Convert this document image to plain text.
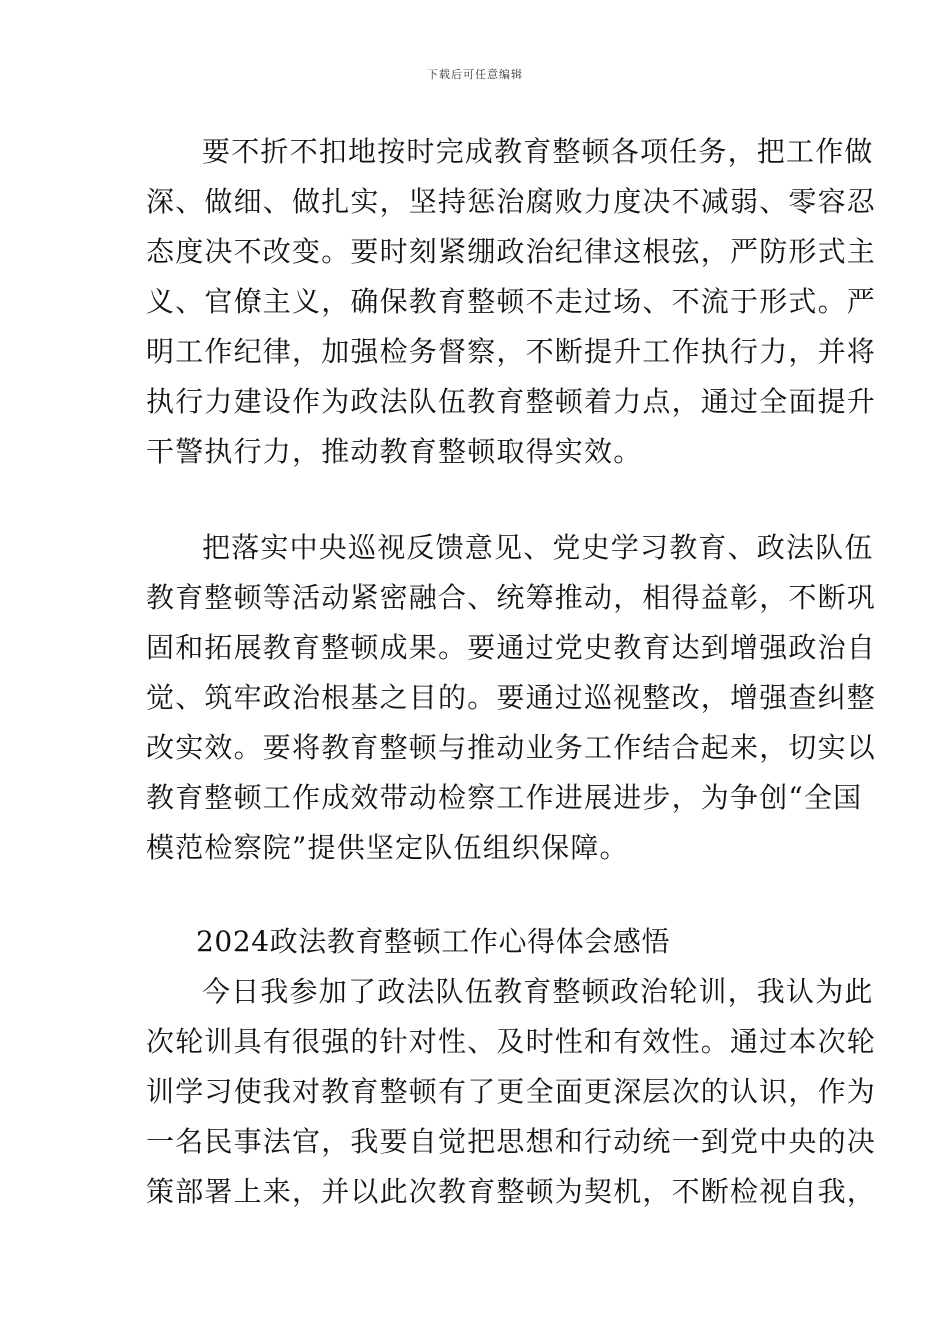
下载后可任意编辑
要不折不扣地按时完成教育整顿各项任务，把工作做
深、做细、做扎实，坚持惩治腐败力度决不减弱、零容忍
态度决不改变。要时刻紧绷政治纪律这根弦，严防形式主
义、官僚主义，确保教育整顿不走过场、不流于形式。严
明工作纪律，加强检务督察，不断提升工作执行力，并将
执行力建设作为政法队伍教育整顿着力点，通过全面提升
干警执行力，推动教育整顿取得实效。
把落实中央巡视反馈意见、党史学习教育、政法队伍
教育整顿等活动紧密融合、统筹推动，相得益彰，不断巩
固和拓展教育整顿成果。要通过党史教育达到增强政治自
觉、筑牢政治根基之目的。要通过巡视整改，增强查纠整
改实效。要将教育整顿与推动业务工作结合起来，切实以
教育整顿工作成效带动检察工作进展进步，为争创“全国
模范检察院”提供坚定队伍组织保障。
2024政法教育整顿工作心得体会感悟
今日我参加了政法队伍教育整顿政治轮训，我认为此
次轮训具有很强的针对性、及时性和有效性。通过本次轮
训学习使我对教育整顿有了更全面更深层次的认识，作为
一名民事法官，我要自觉把思想和行动统一到党中央的决
策部署上来，并以此次教育整顿为契机，不断检视自我，
